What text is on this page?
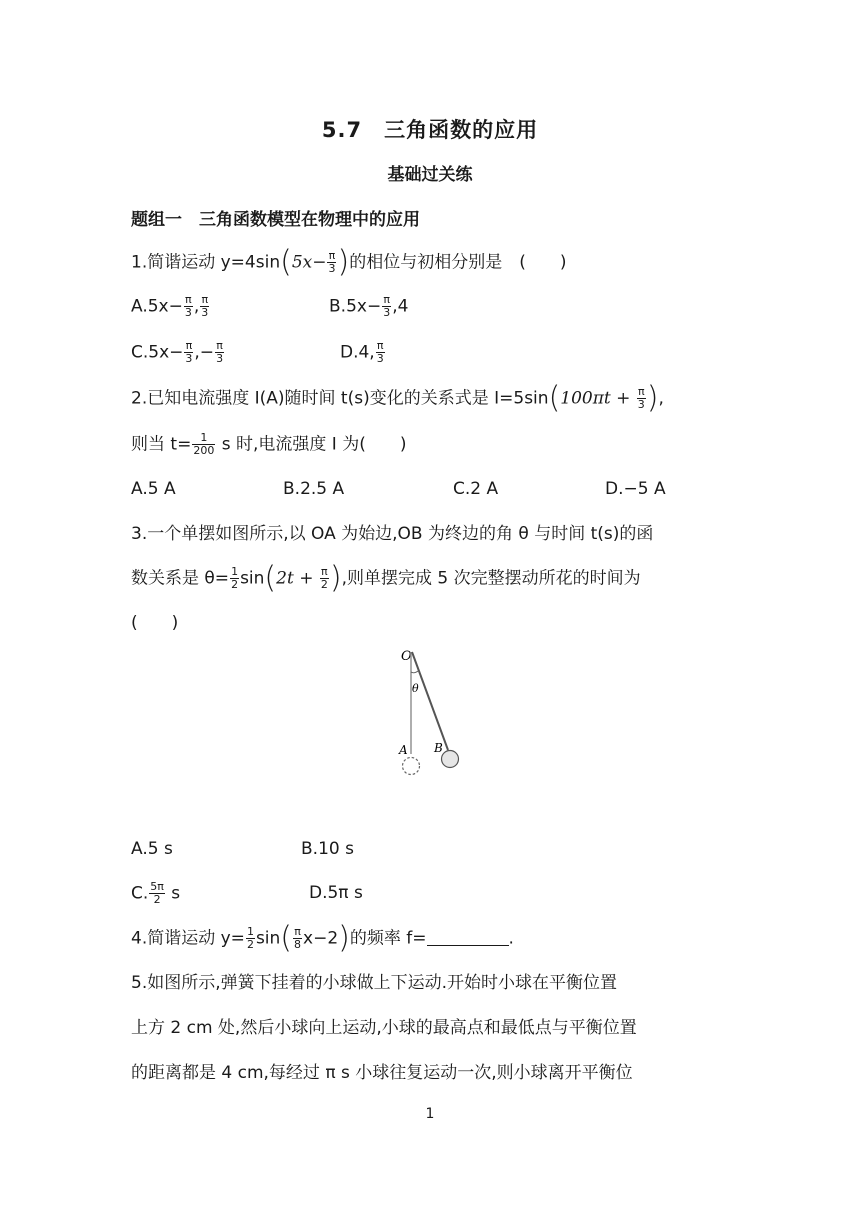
5.7　三角函数的应用
基础过关练
题组一　三角函数模型在物理中的应用
1.简谐运动 $y=4\sin(5x- \frac{\pi}{3}$ )的相位与初相分别是　(　　)
$A.5x- \frac{\pi}{3}$ , $\frac{\pi}{3}$	$B.5x- \frac{\pi}{3} ,4$
$C.5x- \frac{\pi}{3}$ ,− $\frac{\pi}{3}$	D.4, $\frac{\pi}{3}$
2.已知电流强度 I(A)随时间 t(s)变化的关系式是 $I=5\sin(100\pi t + \frac{\pi}{3}$ ),
则当 $t= \frac{1}{200}$ s 时,电流强度 I 为(　　)
A.5 A	B.2.5 A	C.2 A	D.−5 A
3.一个单摆如图所示,以 OA 为始边,OB 为终边的角 θ 与时间 t(s)的函
数关系是 $\theta= \frac{1}{2} \sin(2t + \frac{\pi}{2}$ ),则单摆完成 5 次完整摆动所花的时间为
(　　)
O
θ
A B
A.5 s	B.10 s
C. $\frac{5\pi}{2}$ s	D.5π s
4.简谐运动 $y= \frac{1}{2} \sin( \frac{\pi}{8} x-2)$的频率 f=	.
5.如图所示,弹簧下挂着的小球做上下运动.开始时小球在平衡位置
上方 2 cm 处,然后小球向上运动,小球的最高点和最低点与平衡位置
的距离都是 4 cm,每经过 π s 小球往复运动一次,则小球离开平衡位
1
